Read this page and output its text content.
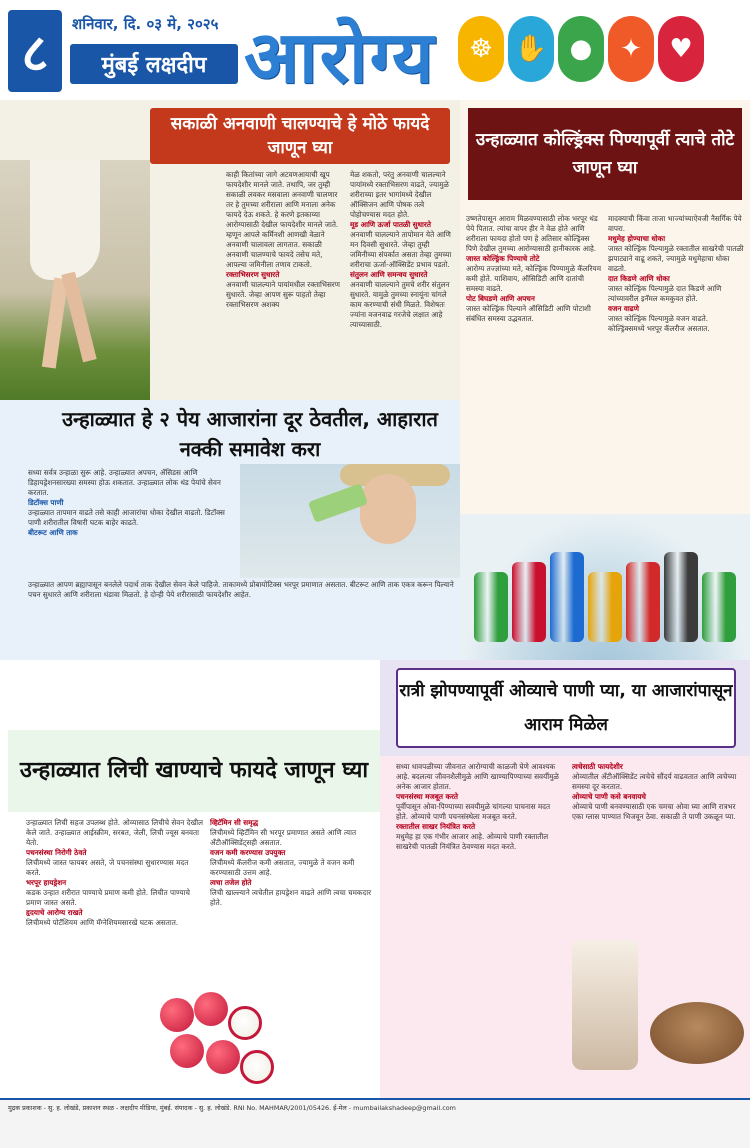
८	शनिवार, दि. ०३ मे, २०२५
मुंबई लक्षदीप आरोग्य	☸ ✋ ●	✦	♥
सकाळी अनवाणी चालण्याचे हे मोठे फायदे जाणून घ्या
काही कितांच्या जागे अटवणआयाची खूप फायदेशीर मानले जाते. तथापि, जर तुम्ही सकाळी लवकर मसवाला अनवाणी चालणार तर हे तुमच्या शरीराला आणि मनाला अनेक फायदे देऊ शकते. हे करणे इतकाय्या आरोग्यासाठी देखील फायदेशीर मानले जाते. म्हणून आपले कर्मिनशी आणखी वेळाने अनवाणी चालावला लागतात. सकाळी अनवाणी चालण्याचे फायदे तसेच मते, आपल्या जमिनीला तणाव टाकतो.
रक्ताभिसरण सुधारते
अनवाणी चालल्याने पायांमधील रक्ताभिसरण सुधारते. जेव्हा आपण सुरू पाहतो तेव्हा रक्ताभिसरण अशक्य
मेळ शकतो, परंतु अनवाणी चालल्याने पायांमध्ये रक्ताभिसरण वाढते, ज्यामुळे शरीराच्या इतर भागांमध्ये देखील ऑक्सिजन आणि पोषक तत्वे पोहोचण्यास मदत होते.
मूड आणि ऊर्जा पातळी सुधारते
अनवाणी चालल्याने तापोमान येते आणि मन दिवसी सुधारते. जेव्हा तुम्ही जमिनीच्या संपर्कात असता तेव्हा तुमच्या शरीराचा ऊर्जा-ऑक्सिडेंट प्रभाव पडतो.
संतुलन आणि समन्वय सुधारते
अनवाणी चालल्याने तुमचे शरीर संतुलन सुधारते. यामुळे तुमच्या स्नायूंना चांगले काम करण्याची संधी मिळते. विशेषतः ज्यांना वजनवाढ गरजेचे लक्षात आहे त्याच्यासाठी.
उन्हाळ्यात कोल्ड्रिंक्स पिण्यापूर्वी त्याचे तोटे जाणून घ्या
उष्णतेपासून आराम मिळवण्यासाठी लोक भरपूर थंड पेये पितात. त्यांचा वापर हीर ने वेळ होते आणि शरीराला फायदा होतो पण हे अतिसार कोल्ड्रिंक्स पिणे देखील तुमच्या आरोग्यासाठी हानीकारक आहे.
जास्त कोल्ड्रिंक पिण्याचे तोटे
आरोग्य तज्ज्ञांच्या मते, कोल्ड्रिंक पिण्यामुळे कॅलरियम कमी होते. याशिवाय, ऑसिडिटी आणि दातांची समस्या वाढते.
पोट बिघडणे आणि अपचन
जास्त कोल्ड्रिंक पिल्याने ऑसिडिटी आणि पोटाशी संबंधित समस्या उद्भवतात.
मादक्याची किंवा ताजा भाज्यांच्याऐवजी नैसर्गिक पेये वापरा.
मधुमेह होण्याचा धोका
जास्त कोल्ड्रिंक पिल्यामुळे रक्तातील साखरेची पातळी झपाट्याने वाढू शकते, ज्यामुळे मधुमेहाचा धोका वाढतो.
दात किडणे आणि धोका
जास्त कोल्ड्रिंक पिल्यामुळे दात किडणे आणि त्यांच्यावरील इनॅमल कमकुवत होते.
वजन वाढणे
जास्त कोल्ड्रिंक पिल्यामुळे वजन वाढते. कोल्ड्रिंक्समध्ये भरपूर कॅलरीज असतात.
उन्हाळ्यात हे २ पेय आजारांना दूर ठेवतील, आहारात नक्की समावेश करा
सध्या सर्वत्र उन्हाळा सुरू आहे. उन्हाळ्यात अपचन, ॲसिडस आणि डिहायड्रेशनसारख्या समस्या होऊ शकतात. उन्हाळ्यात लोक थंड पेयांचे सेवन करतात.
डिटॉक्स पाणी
उन्हाळ्यात तापमान वाढते तसे काही आजारांचा धोका देखील वाढतो. डिटॉक्स पाणी शरीरातील विषारी घटक बाहेर काढते.
बीटरूट आणि ताक
उन्हाळ्यात आपण ब्रह्यापासून बनलेले पदार्थ ताक देखील सेवन केले पाहिजे. ताकामध्ये प्रोबायोटिक्स भरपूर प्रमाणात असतात. बीटरूट आणि ताक एकत्र करून पिल्याने पचन सुधारते आणि शरीराला थंडावा मिळतो. हे दोन्ही पेये शरीरासाठी फायदेशीर आहेत.
रात्री झोपण्यापूर्वी ओव्याचे पाणी प्या, या आजारांपासून आराम मिळेल
उन्हाळ्यात लिची खाण्याचे फायदे जाणून घ्या
उन्हाळ्यात लिची सहज उपलब्ध होते. ओव्यासाठ लिचीचे सेवन देखील केले जाते. उन्हाळ्यात आईस्क्रीम, सरबत, जेली, लिची ज्यूस बनवता येतो.
पचनसंस्था निरोगी ठेवते
लिचीमध्ये जास्त फायबर असते, जे पचनसंस्था सुधारण्यास मदत करते.
भरपूर हायड्रेशन
कडक उन्हात शरीरात पाण्याचे प्रमाण कमी होते. लिचीत पाण्याचे प्रमाण जास्त असते.
हृदयाचे आरोग्य राखते
लिचीमध्ये पोटॅशियम आणि मॅग्नेशियमसारखे घटक असतात.
व्हिटॅमिन सी समृद्ध
लिचीमध्ये व्हिटॅमिन सी भरपूर प्रमाणात असते आणि त्यात अँटीऑक्सिडेंट्सही असतात.
वजन कमी करण्यास उपयुक्त
लिचीमध्ये कॅलरीज कमी असतात, ज्यामुळे ते वजन कमी करण्यासाठी उत्तम आहे.
त्वचा तजेल होते
लिची खाल्ल्याने त्वचेतील हायड्रेशन वाढते आणि त्वचा चमकदार होते.
सध्या धावपळीच्या जीवनात आरोग्याची काळजी घेणे आवश्यक आहे. बदलत्या जीवनशैलीमुळे आणि खाण्यापिण्याच्या सवयींमुळे अनेक आजार होतात.
पचनसंस्था मजबूत करते
पूर्वीपासून ओवा-पिण्याच्या सवयीमुळे चांगल्या पाचनास मदत होते. ओव्याचे पाणी पचनसंस्थेला मजबूत करते.
रक्तातील साखर नियंत्रित करते
मधुमेह हा एक गंभीर आजार आहे. ओव्याचे पाणी रक्तातील साखरेची पातळी नियंत्रित ठेवण्यास मदत करते.
त्वचेसाठी फायदेशीर
ओव्यातील अँटीऑक्सिडेंट त्वचेचे सौंदर्य वाढवतात आणि त्वचेच्या समस्या दूर करतात.
ओव्याचे पाणी कसे बनवायचे
ओव्याचे पाणी बनवण्यासाठी एक चमचा ओवा घ्या आणि रात्रभर एका ग्लास पाण्यात भिजवून ठेवा. सकाळी ते पाणी उकळून प्या.
मुद्रक प्रकाशक - सु. ह. लोखंडे, प्रकाशन स्थळ - लक्षदीप मीडिया, मुंबई. संपादक - सु. ह. लोखंडे. RNI No. MAHMAR/2001/05426. ई-मेल - mumbailakshadeep@gmail.com
